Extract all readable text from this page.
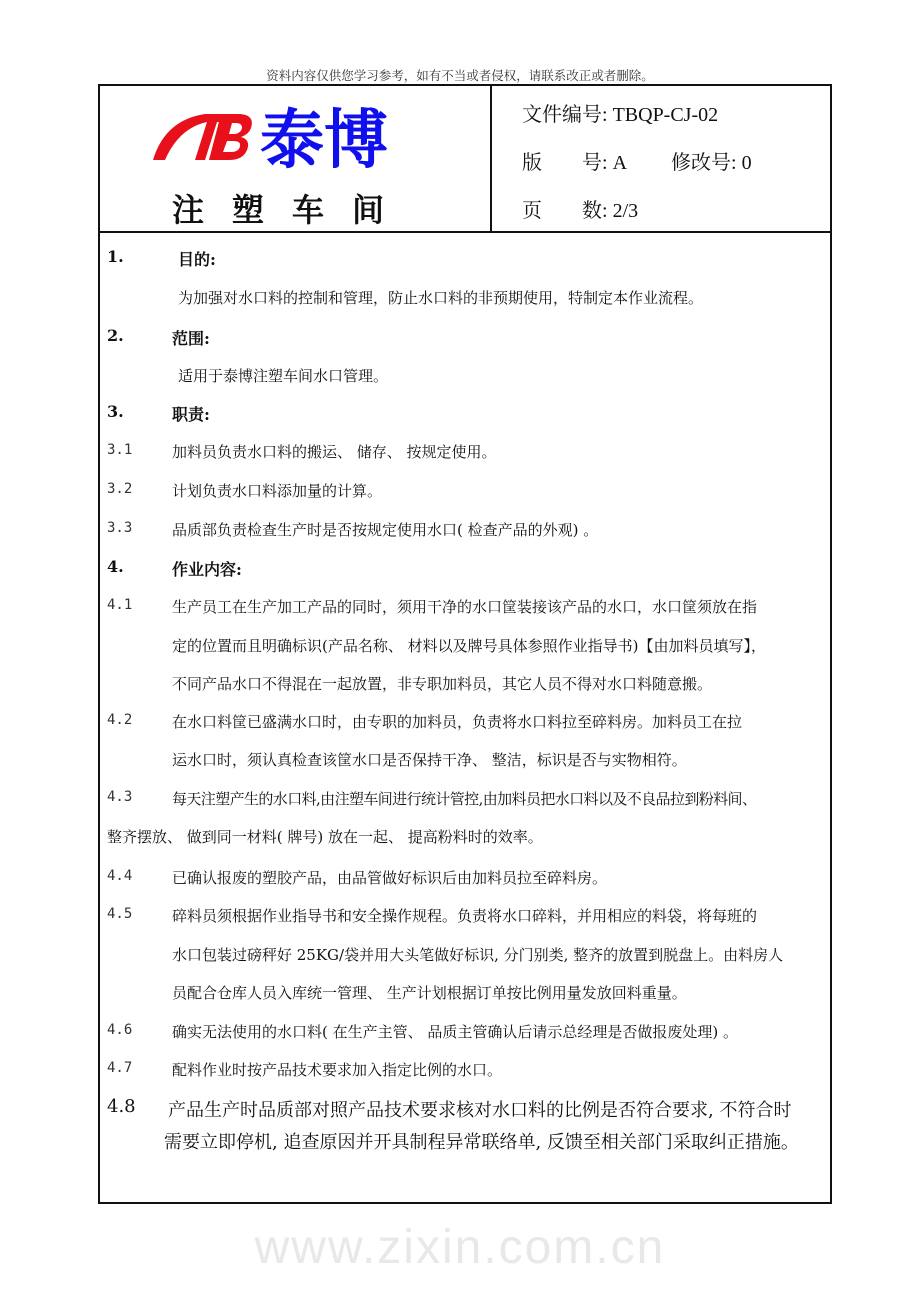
资料内容仅供您学习参考，如有不当或者侵权，请联系改正或者删除。
泰博
注塑车间
文件编号: TBQP-CJ-02
版　　号: A 修改号: 0
页　　数: 2/3
1.	目的:
为加强对水口料的控制和管理，防止水口料的非预期使用，特制定本作业流程。
2.	范围:
适用于泰博注塑车间水口管理。
3.	职责:
3.1	加料员负责水口料的搬运、 储存、 按规定使用。
3.2	计划负责水口料添加量的计算。
3.3	品质部负责检查生产时是否按规定使用水口( 检查产品的外观) 。
4.	作业内容:
4.1	生产员工在生产加工产品的同时，须用干净的水口筐装接该产品的水口，水口筐须放在指
定的位置而且明确标识(产品名称、 材料以及牌号具体参照作业指导书)【由加料员填写】，
不同产品水口不得混在一起放置，非专职加料员，其它人员不得对水口料随意搬。
4.2	在水口料筐已盛满水口时，由专职的加料员，负责将水口料拉至碎料房。加料员工在拉
运水口时，须认真检查该筐水口是否保持干净、 整洁，标识是否与实物相符。
4.3	每天注塑产生的水口料,由注塑车间进行统计管控,由加料员把水口料以及不良品拉到粉料间、
整齐摆放、 做到同一材料( 牌号) 放在一起、 提高粉料时的效率。
4.4	已确认报废的塑胶产品，由品管做好标识后由加料员拉至碎料房。
4.5	碎料员须根据作业指导书和安全操作规程。负责将水口碎料，并用相应的料袋，将每班的
水口包装过磅秤好 25KG/袋并用大头笔做好标识, 分门别类, 整齐的放置到脱盘上。由料房人
员配合仓库人员入库统一管理、 生产计划根据订单按比例用量发放回料重量。
4.6	确实无法使用的水口料( 在生产主管、 品质主管确认后请示总经理是否做报废处理) 。
4.7	配料作业时按产品技术要求加入指定比例的水口。
4.8 产品生产时品质部对照产品技术要求核对水口料的比例是否符合要求, 不符合时
需要立即停机, 追查原因并开具制程异常联络单, 反馈至相关部门采取纠正措施。
www.zixin.com.cn
